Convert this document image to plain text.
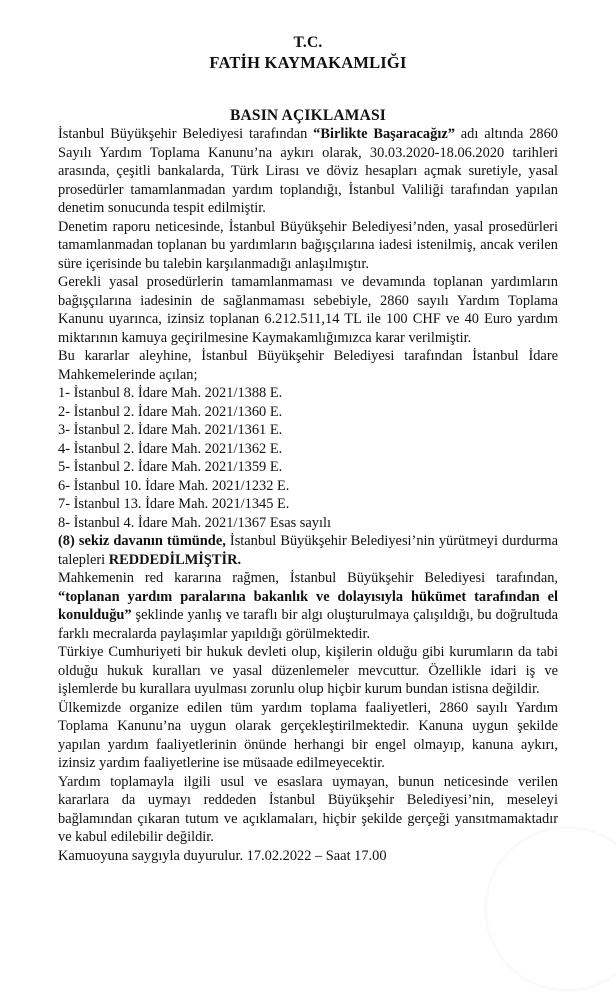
T.C.
FATİH KAYMAKAMLIĞI
BASIN AÇIKLAMASI

İstanbul Büyükşehir Belediyesi tarafından “Birlikte Başaracağız” adı altında 2860 Sayılı Yardım Toplama Kanunu’na aykırı olarak, 30.03.2020-18.06.2020 tarihleri arasında, çeşitli bankalarda, Türk Lirası ve döviz hesapları açmak suretiyle, yasal prosedürler tamamlanmadan yardım toplandığı, İstanbul Valiliği tarafından yapılan denetim sonucunda tespit edilmiştir.

Denetim raporu neticesinde, İstanbul Büyükşehir Belediyesi’nden, yasal prosedürleri tamamlanmadan toplanan bu yardımların bağışçılarına iadesi istenilmiş, ancak verilen süre içerisinde bu talebin karşılanmadığı anlaşılmıştır.

Gerekli yasal prosedürlerin tamamlanmaması ve devamında toplanan yardımların bağışçılarına iadesinin de sağlanmaması sebebiyle, 2860 sayılı Yardım Toplama Kanunu uyarınca, izinsiz toplanan 6.212.511,14 TL ile 100 CHF ve 40 Euro yardım miktarının kamuya geçirilmesine Kaymakamlığımızca karar verilmiştir.

Bu kararlar aleyhine, İstanbul Büyükşehir Belediyesi tarafından İstanbul İdare Mahkemelerinde açılan;

1- İstanbul 8. İdare Mah. 2021/1388 E.
2- İstanbul 2. İdare Mah. 2021/1360 E.
3- İstanbul 2. İdare Mah. 2021/1361 E.
4- İstanbul 2. İdare Mah. 2021/1362 E.
5- İstanbul 2. İdare Mah. 2021/1359 E.
6- İstanbul 10. İdare Mah. 2021/1232 E.
7- İstanbul 13. İdare Mah. 2021/1345 E.
8- İstanbul 4. İdare Mah. 2021/1367 Esas sayılı

(8) sekiz davanın tümünde, İstanbul Büyükşehir Belediyesi’nin yürütmeyi durdurma talepleri REDDEDİLMİŞTİR.

Mahkemenin red kararına rağmen, İstanbul Büyükşehir Belediyesi tarafından, “toplanan yardım paralarına bakanlık ve dolayısıyla hükümet tarafından el konulduğu” şeklinde yanlış ve taraflı bir algı oluşturulmaya çalışıldığı, bu doğrultuda farklı mecralarda paylaşımlar yapıldığı görülmektedir.

Türkiye Cumhuriyeti bir hukuk devleti olup, kişilerin olduğu gibi kurumların da tabi olduğu hukuk kuralları ve yasal düzenlemeler mevcuttur. Özellikle idari iş ve işlemlerde bu kurallara uyulması zorunlu olup hiçbir kurum bundan istisna değildir.

Ülkemizde organize edilen tüm yardım toplama faaliyetleri, 2860 sayılı Yardım Toplama Kanunu’na uygun olarak gerçekleştirilmektedir. Kanuna uygun şekilde yapılan yardım faaliyetlerinin önünde herhangi bir engel olmayıp, kanuna aykırı, izinsiz yardım faaliyetlerine ise müsaade edilmeyecektir.

Yardım toplamayla ilgili usul ve esaslara uymayan, bunun neticesinde verilen kararlara da uymayı reddeden İstanbul Büyükşehir Belediyesi’nin, meseleyi bağlamından çıkaran tutum ve açıklamaları, hiçbir şekilde gerçeği yansıtmamaktadır ve kabul edilebilir değildir.

Kamuoyuna saygıyla duyurulur. 17.02.2022 – Saat 17.00
